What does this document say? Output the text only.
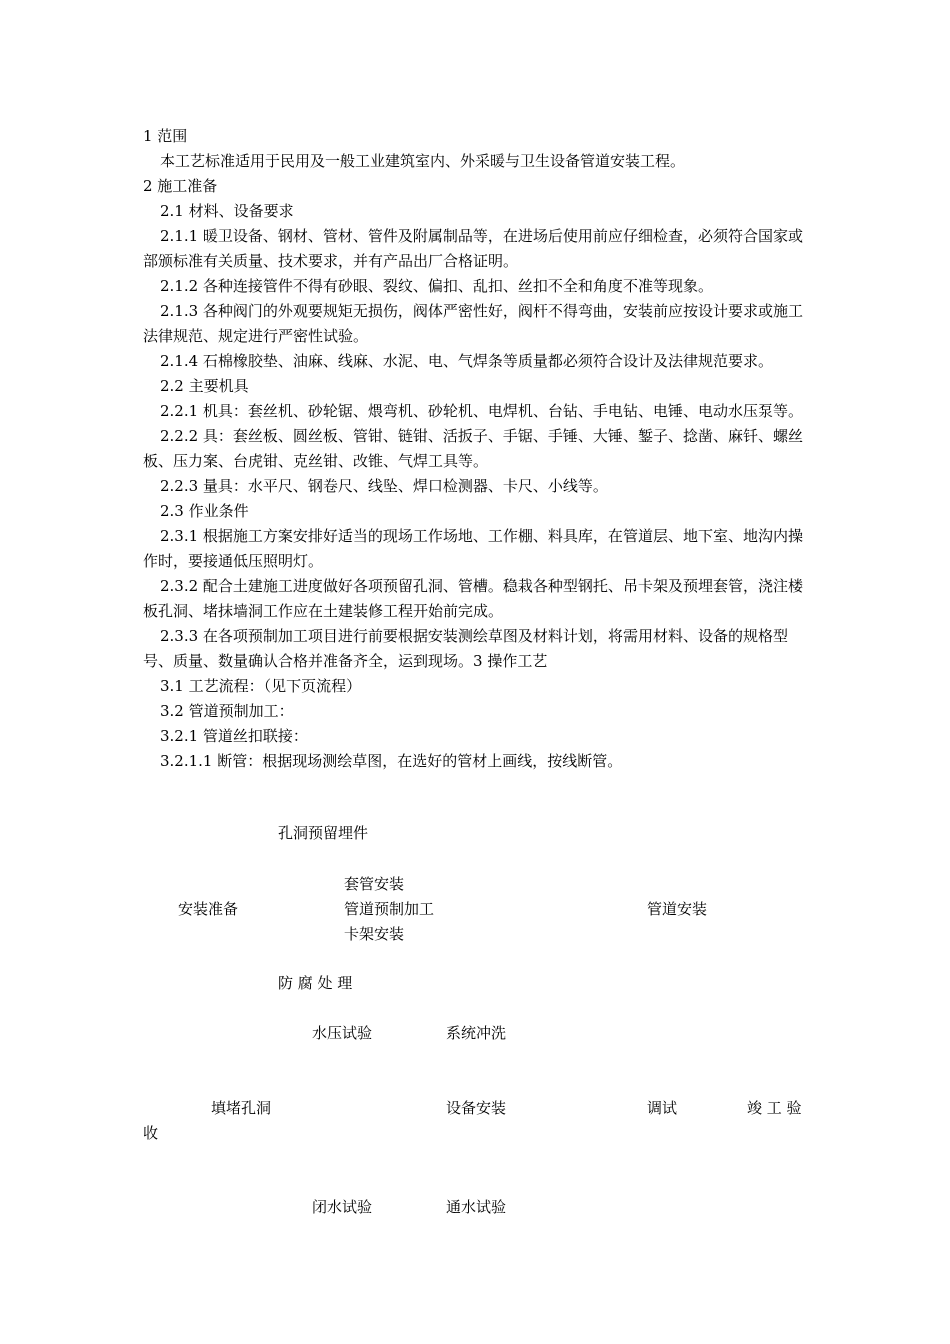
1 范围

本工艺标准适用于民用及一般工业建筑室内、外采暖与卫生设备管道安装工程。

2 施工准备

2.1 材料、设备要求

2.1.1 暖卫设备、钢材、管材、管件及附属制品等，在进场后使用前应仔细检查，必须符合国家或部颁标准有关质量、技术要求，并有产品出厂合格证明。

2.1.2 各种连接管件不得有砂眼、裂纹、偏扣、乱扣、丝扣不全和角度不准等现象。

2.1.3 各种阀门的外观要规矩无损伤，阀体严密性好，阀杆不得弯曲，安装前应按设计要求或施工法律规范、规定进行严密性试验。

2.1.4 石棉橡胶垫、油麻、线麻、水泥、电、气焊条等质量都必须符合设计及法律规范要求。

2.2 主要机具

2.2.1 机具：套丝机、砂轮锯、煨弯机、砂轮机、电焊机、台钻、手电钻、电锤、电动水压泵等。

2.2.2 具：套丝板、圆丝板、管钳、链钳、活扳子、手锯、手锤、大锤、錾子、捻凿、麻钎、螺丝板、压力案、台虎钳、克丝钳、改锥、气焊工具等。

2.2.3 量具：水平尺、钢卷尺、线坠、焊口检测器、卡尺、小线等。

2.3 作业条件

2.3.1 根据施工方案安排好适当的现场工作场地、工作棚、料具库，在管道层、地下室、地沟内操作时，要接通低压照明灯。

2.3.2 配合土建施工进度做好各项预留孔洞、管槽。稳栽各种型钢托、吊卡架及预埋套管，浇注楼板孔洞、堵抹墙洞工作应在土建装修工程开始前完成。

2.3.3 在各项预制加工项目进行前要根据安装测绘草图及材料计划，将需用材料、设备的规格型号、质量、数量确认合格并准备齐全，运到现场。3 操作工艺

3.1 工艺流程：（见下页流程）

3.2 管道预制加工：

3.2.1 管道丝扣联接：

3.2.1.1 断管：根据现场测绘草图，在选好的管材上画线，按线断管。

孔洞预留埋件
套管安装
安装准备	管道预制加工	管道安装
卡架安装
防 腐 处 理
水压试验	系统冲洗
填堵孔洞	设备安装	调试	竣 工 验
收
闭水试验	通水试验
